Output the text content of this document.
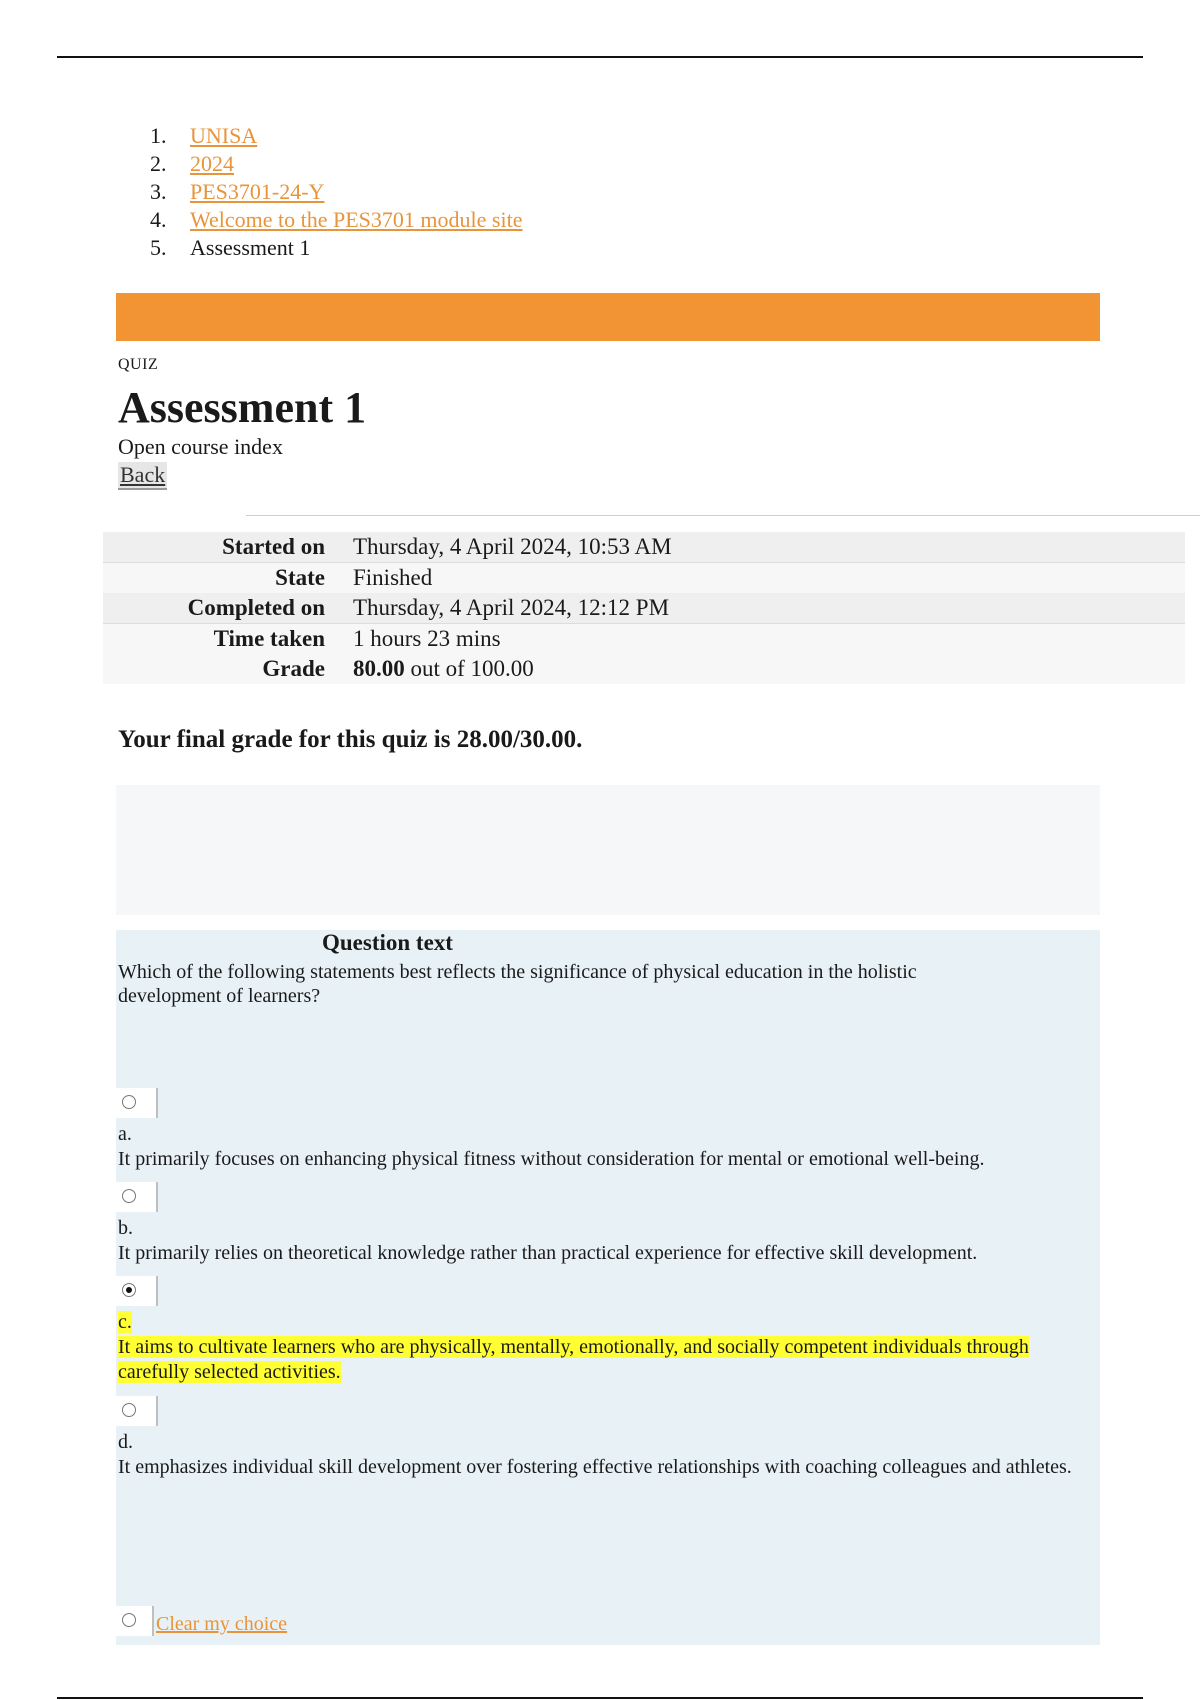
1. UNISA
2. 2024
3. PES3701-24-Y
4. Welcome to the PES3701 module site
5. Assessment 1
QUIZ
Assessment 1
Open course index
Back
Started on	Thursday, 4 April 2024, 10:53 AM
State	Finished
Completed on	Thursday, 4 April 2024, 12:12 PM
Time taken	1 hours 23 mins
Grade	80.00 out of 100.00
Your final grade for this quiz is 28.00/30.00.
Question text
Which of the following statements best reflects the significance of physical education in the holistic development of learners?
a.
It primarily focuses on enhancing physical fitness without consideration for mental or emotional well-being.
b.
It primarily relies on theoretical knowledge rather than practical experience for effective skill development.
c.
It aims to cultivate learners who are physically, mentally, emotionally, and socially competent individuals through carefully selected activities.
d.
It emphasizes individual skill development over fostering effective relationships with coaching colleagues and athletes.
Clear my choice
